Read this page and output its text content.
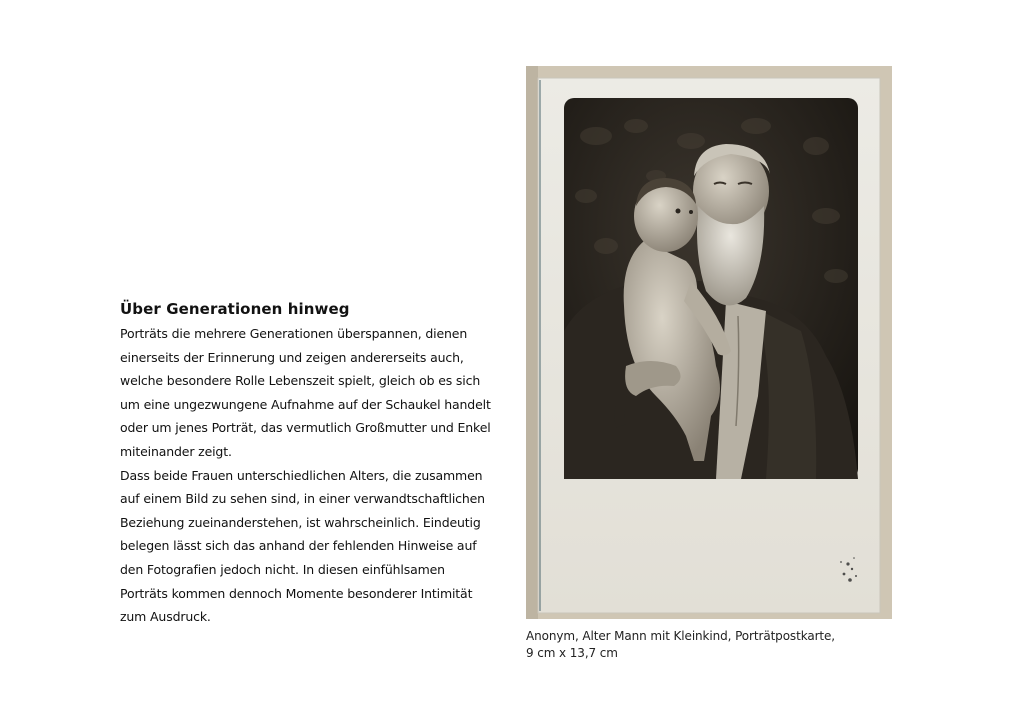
Über Generationen hinweg

Porträts die mehrere Generationen überspannen, dienen
einerseits der Erinnerung und zeigen andererseits auch,
welche besondere Rolle Lebenszeit spielt, gleich ob es sich
um eine ungezwungene Aufnahme auf der Schaukel handelt
oder um jenes Porträt, das vermutlich Großmutter und Enkel
miteinander zeigt.

Dass beide Frauen unterschiedlichen Alters, die zusammen
auf einem Bild zu sehen sind, in einer verwandtschaftlichen
Beziehung zueinanderstehen, ist wahrscheinlich. Eindeutig
belegen lässt sich das anhand der fehlenden Hinweise auf
den Fotografien jedoch nicht. In diesen einfühlsamen
Porträts kommen dennoch Momente besonderer Intimität
zum Ausdruck.

Anonym, Alter Mann mit Kleinkind, Porträtpostkarte,
9 cm x 13,7 cm
